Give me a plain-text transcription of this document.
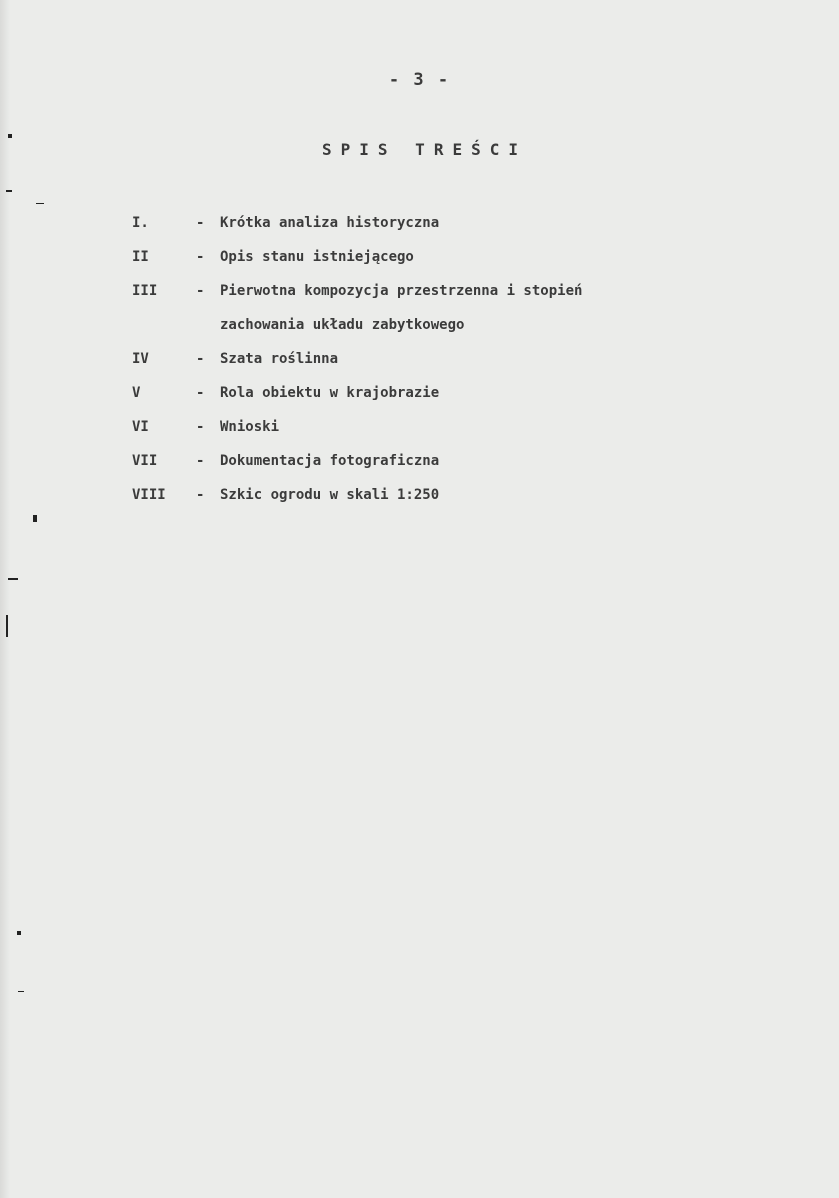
- 3 -
SPIS TREŚCI
I.	-	Krótka analiza historyczna
II	-	Opis stanu istniejącego
III	-	Pierwotna kompozycja przestrzenna i stopień
zachowania układu zabytkowego
IV	-	Szata roślinna
V	-	Rola obiektu w krajobrazie
VI	-	Wnioski
VII	-	Dokumentacja fotograficzna
VIII	-	Szkic ogrodu w skali 1:250
